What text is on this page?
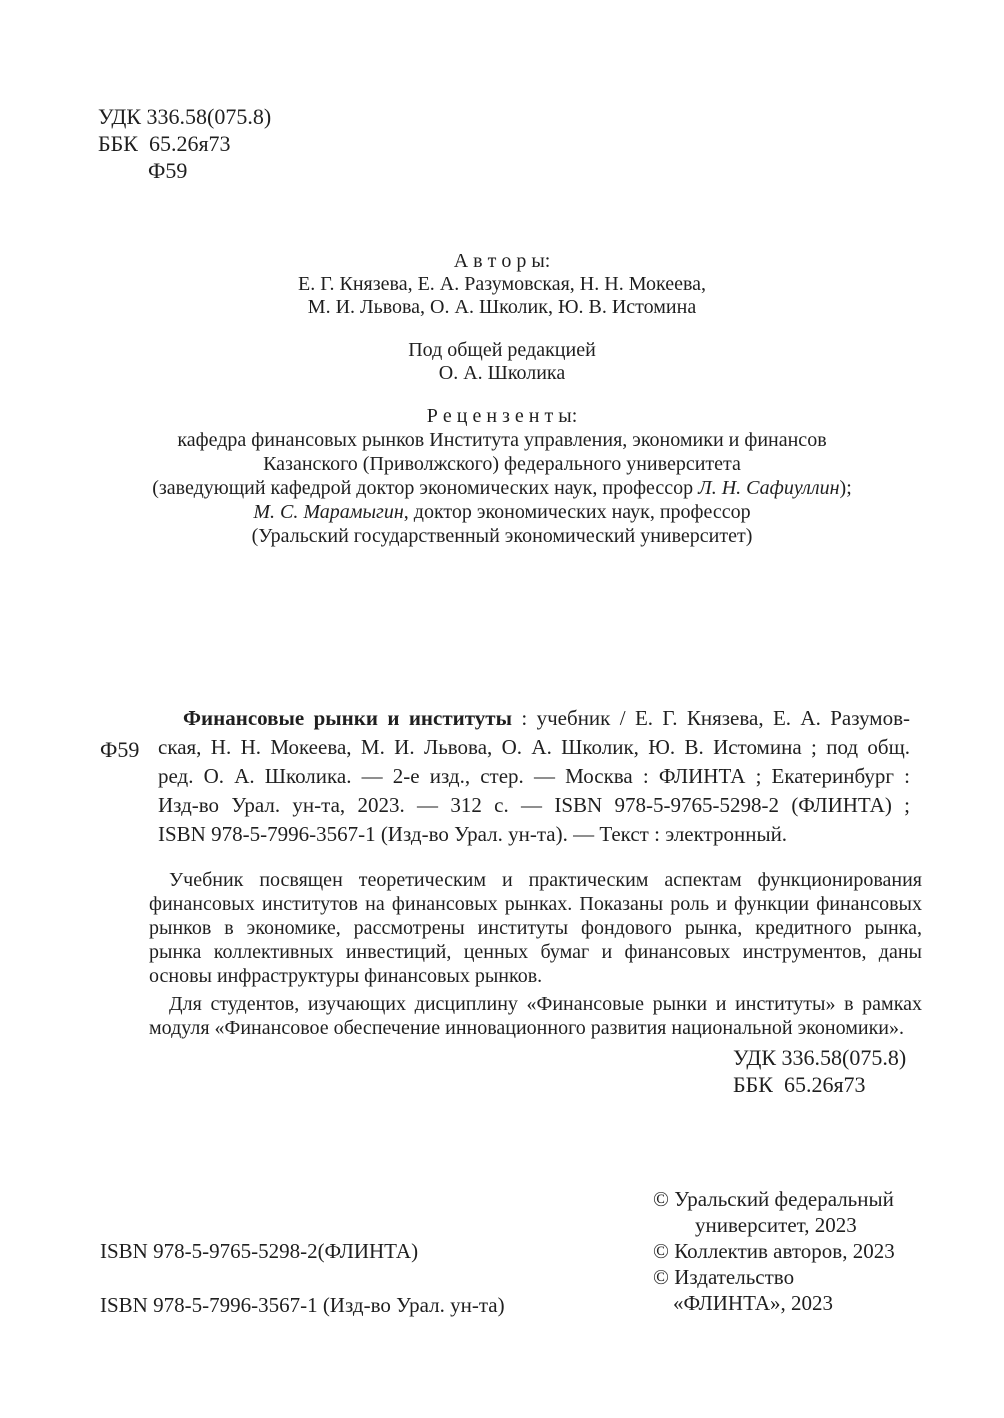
УДК 336.58(075.8)
ББК  65.26я73
Ф59
А в т о р ы:
Е. Г. Князева, Е. А. Разумовская, Н. Н. Мокеева,
М. И. Львова, О. А. Школик, Ю. В. Истомина
Под общей редакцией
О. А. Школика
Р е ц е н з е н т ы:
кафедра финансовых рынков Института управления, экономики и финансов
Казанского (Приволжского) федерального университета
(заведующий кафедрой доктор экономических наук, профессор Л. Н. Сафиуллин);
М. С. Марамыгин, доктор экономических наук, профессор
(Уральский государственный экономический университет)
Ф59
Финансовые рынки и институты : учебник / Е. Г. Князева, Е. А. Разумов-
ская, Н. Н. Мокеева, М. И. Львова, О. А. Школик, Ю. В. Истомина ; под общ.
ред. О. А. Школика. — 2-е изд., стер. — Москва : ФЛИНТА ; Екатеринбург :
Изд-во Урал. ун-та, 2023. — 312 с. — ISBN 978-5-9765-5298-2 (ФЛИНТА) ;
ISBN 978-5-7996-3567-1 (Изд-во Урал. ун-та). — Текст : электронный.
Учебник посвящен теоретическим и практическим аспектам функционирования
финансовых институтов на финансовых рынках. Показаны роль и функции финансовых
рынков в экономике, рассмотрены институты фондового рынка, кредитного рынка,
рынка коллективных инвестиций, ценных бумаг и финансовых инструментов, даны
основы инфраструктуры финансовых рынков.
Для студентов, изучающих дисциплину «Финансовые рынки и институты» в рамках
модуля «Финансовое обеспечение инновационного развития национальной экономики».
УДК 336.58(075.8)
ББК  65.26я73
ISBN 978-5-9765-5298-2(ФЛИНТА)
ISBN 978-5-7996-3567-1 (Изд-во Урал. ун-та)
© Уральский федеральный
университет, 2023
© Коллектив авторов, 2023
© Издательство
«ФЛИНТА», 2023
